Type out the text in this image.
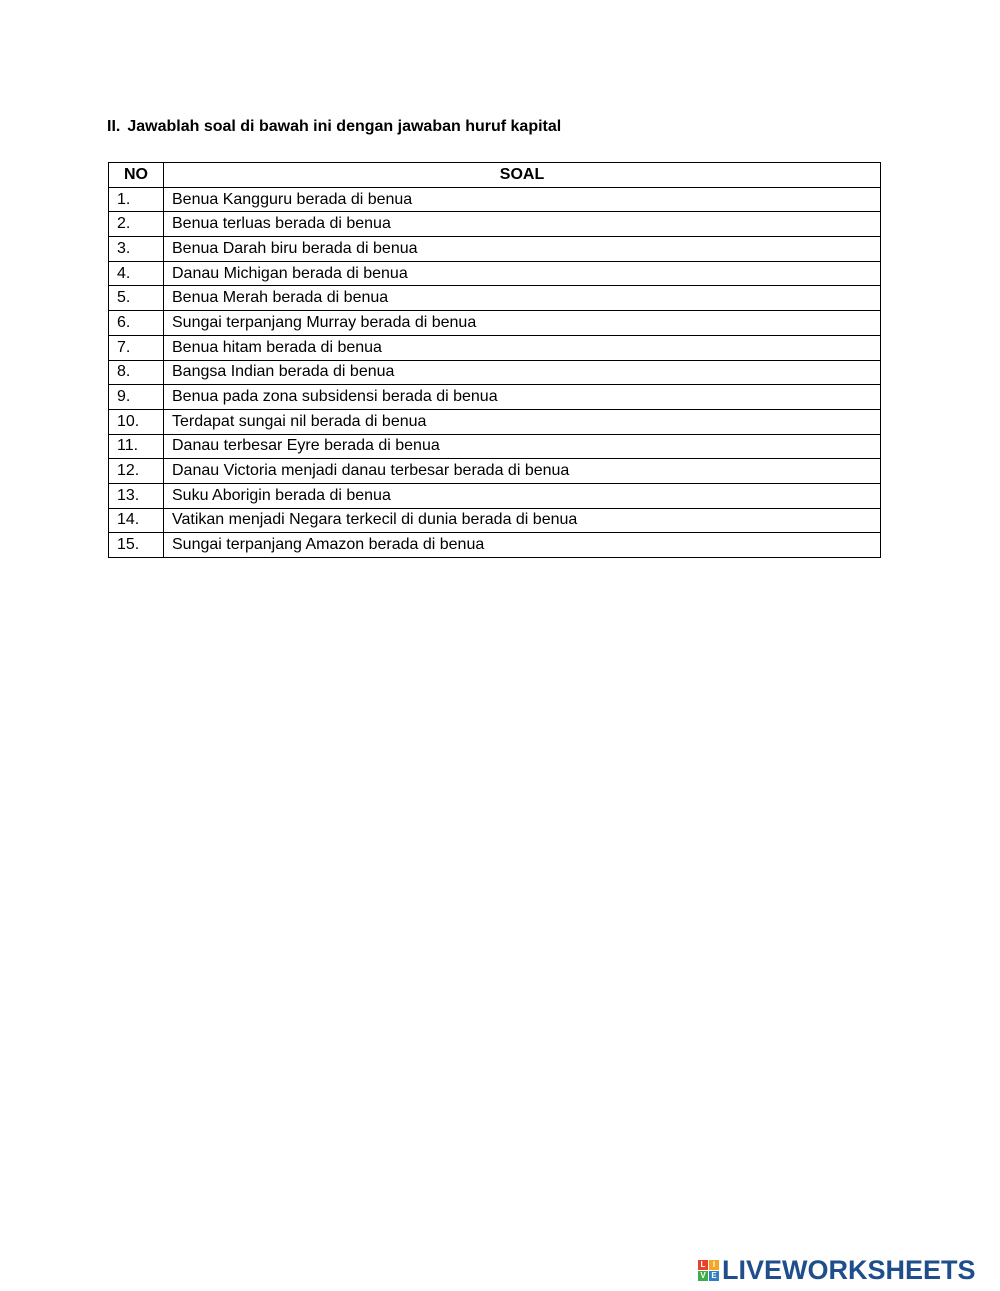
II. Jawablah soal di bawah ini dengan jawaban huruf kapital
NO	SOAL
1.	Benua Kangguru berada di benua
2.	Benua terluas berada di benua
3.	Benua Darah biru berada di benua
4.	Danau Michigan berada di benua
5.	Benua Merah berada di benua
6.	Sungai terpanjang Murray berada di benua
7.	Benua hitam berada di benua
8.	Bangsa Indian berada di benua
9.	Benua pada zona subsidensi berada di benua
10.	Terdapat sungai nil berada di benua
11.	Danau terbesar Eyre berada di benua
12.	Danau Victoria menjadi danau terbesar berada di benua
13.	Suku Aborigin berada di benua
14.	Vatikan menjadi Negara terkecil di dunia berada di benua
15.	Sungai terpanjang Amazon berada di benua
L I
V E LIVEWORKSHEETS
